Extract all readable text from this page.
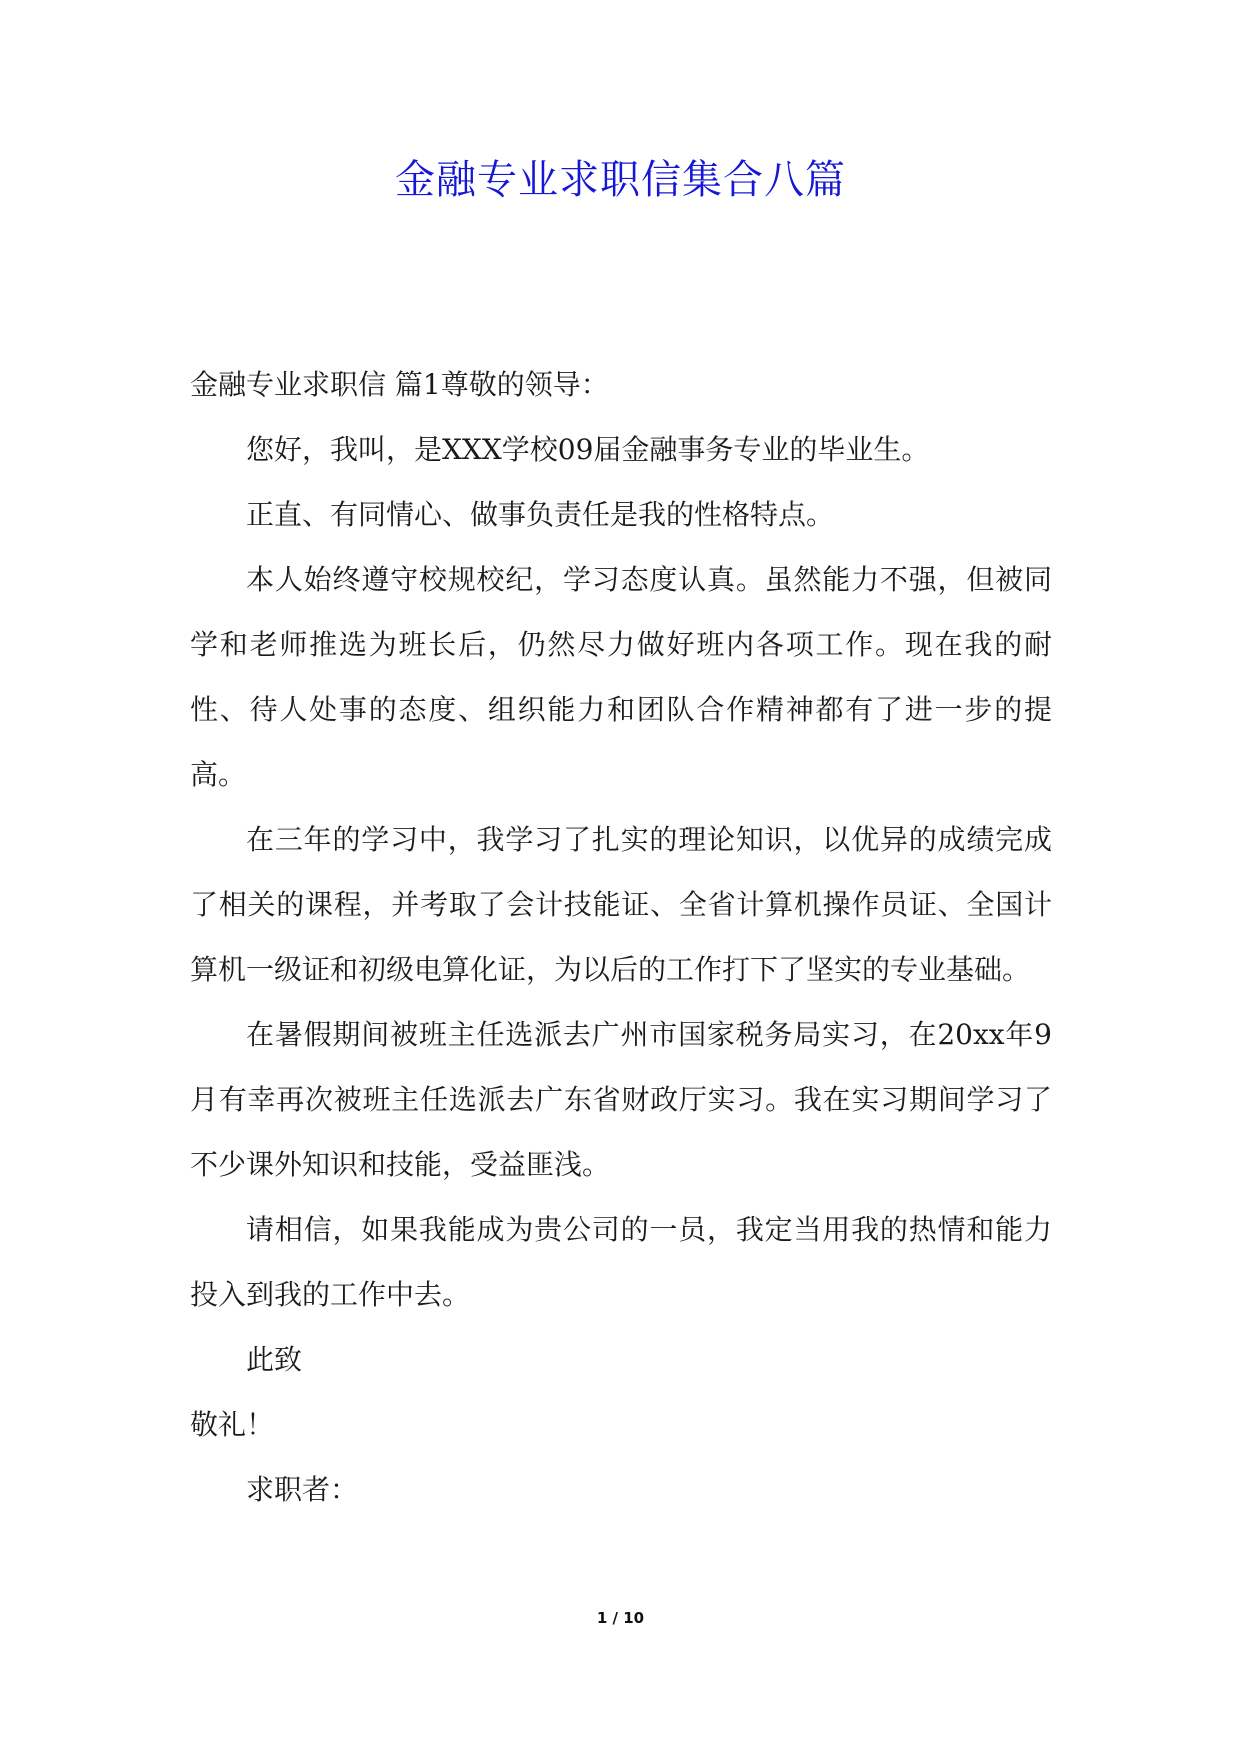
金融专业求职信集合八篇

金融专业求职信 篇1尊敬的领导：

您好，我叫，是XXX学校09届金融事务专业的毕业生。

正直、有同情心、做事负责任是我的性格特点。

本人始终遵守校规校纪，学习态度认真。虽然能力不强，但被同学和老师推选为班长后，仍然尽力做好班内各项工作。现在我的耐性、待人处事的态度、组织能力和团队合作精神都有了进一步的提高。

在三年的学习中，我学习了扎实的理论知识，以优异的成绩完成了相关的课程，并考取了会计技能证、全省计算机操作员证、全国计算机一级证和初级电算化证，为以后的工作打下了坚实的专业基础。

在暑假期间被班主任选派去广州市国家税务局实习，在20xx年9月有幸再次被班主任选派去广东省财政厅实习。我在实习期间学习了不少课外知识和技能，受益匪浅。

请相信，如果我能成为贵公司的一员，我定当用我的热情和能力投入到我的工作中去。

此致

敬礼！

求职者：

1 / 10
